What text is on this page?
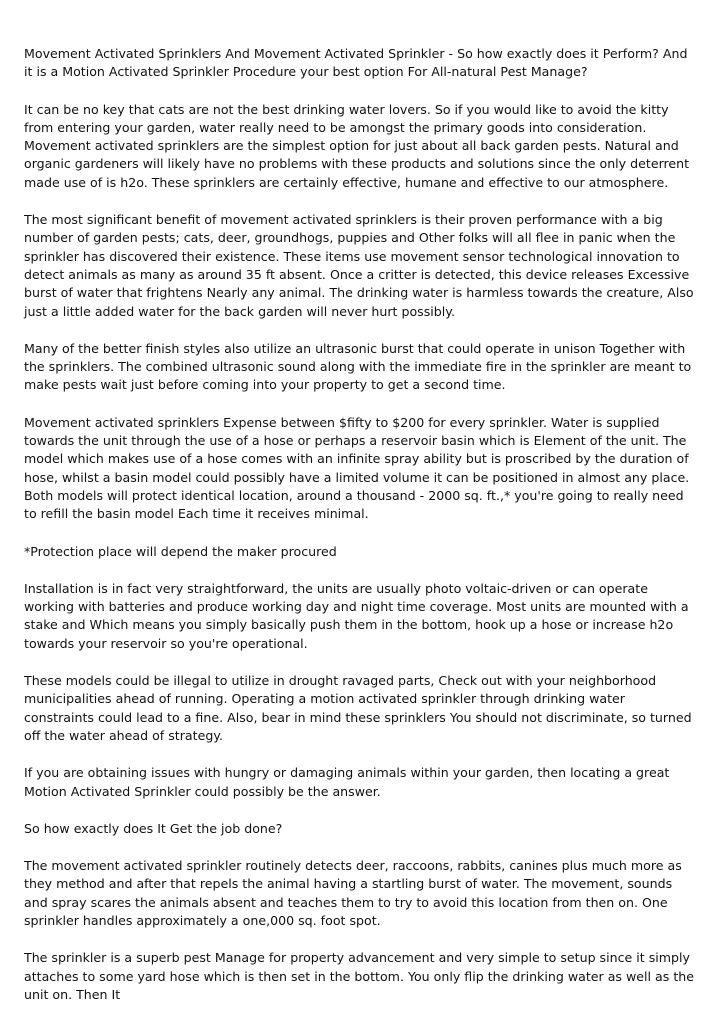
Movement Activated Sprinklers And Movement Activated Sprinkler - So how exactly does it Perform? And it is a Motion Activated Sprinkler Procedure your best option For All-natural Pest Manage?

It can be no key that cats are not the best drinking water lovers. So if you would like to avoid the kitty from entering your garden, water really need to be amongst the primary goods into consideration. Movement activated sprinklers are the simplest option for just about all back garden pests. Natural and organic gardeners will likely have no problems with these products and solutions since the only deterrent made use of is h2o. These sprinklers are certainly effective, humane and effective to our atmosphere.

The most significant benefit of movement activated sprinklers is their proven performance with a big number of garden pests; cats, deer, groundhogs, puppies and Other folks will all flee in panic when the sprinkler has discovered their existence. These items use movement sensor technological innovation to detect animals as many as around 35 ft absent. Once a critter is detected, this device releases Excessive burst of water that frightens Nearly any animal. The drinking water is harmless towards the creature, Also just a little added water for the back garden will never hurt possibly.

Many of the better finish styles also utilize an ultrasonic burst that could operate in unison Together with the sprinklers. The combined ultrasonic sound along with the immediate fire in the sprinkler are meant to make pests wait just before coming into your property to get a second time.

Movement activated sprinklers Expense between $fifty to $200 for every sprinkler. Water is supplied towards the unit through the use of a hose or perhaps a reservoir basin which is Element of the unit. The model which makes use of a hose comes with an infinite spray ability but is proscribed by the duration of hose, whilst a basin model could possibly have a limited volume it can be positioned in almost any place. Both models will protect identical location, around a thousand - 2000 sq. ft.,* you're going to really need to refill the basin model Each time it receives minimal.

*Protection place will depend the maker procured

Installation is in fact very straightforward, the units are usually photo voltaic-driven or can operate working with batteries and produce working day and night time coverage. Most units are mounted with a stake and Which means you simply basically push them in the bottom, hook up a hose or increase h2o towards your reservoir so you're operational.

These models could be illegal to utilize in drought ravaged parts, Check out with your neighborhood municipalities ahead of running. Operating a motion activated sprinkler through drinking water constraints could lead to a fine. Also, bear in mind these sprinklers You should not discriminate, so turned off the water ahead of strategy.

If you are obtaining issues with hungry or damaging animals within your garden, then locating a great Motion Activated Sprinkler could possibly be the answer.

So how exactly does It Get the job done?

The movement activated sprinkler routinely detects deer, raccoons, rabbits, canines plus much more as they method and after that repels the animal having a startling burst of water. The movement, sounds and spray scares the animals absent and teaches them to try to avoid this location from then on. One sprinkler handles approximately a one,000 sq. foot spot.

The sprinkler is a superb pest Manage for property advancement and very simple to setup since it simply attaches to some yard hose which is then set in the bottom. You only flip the drinking water as well as the unit on. Then It
